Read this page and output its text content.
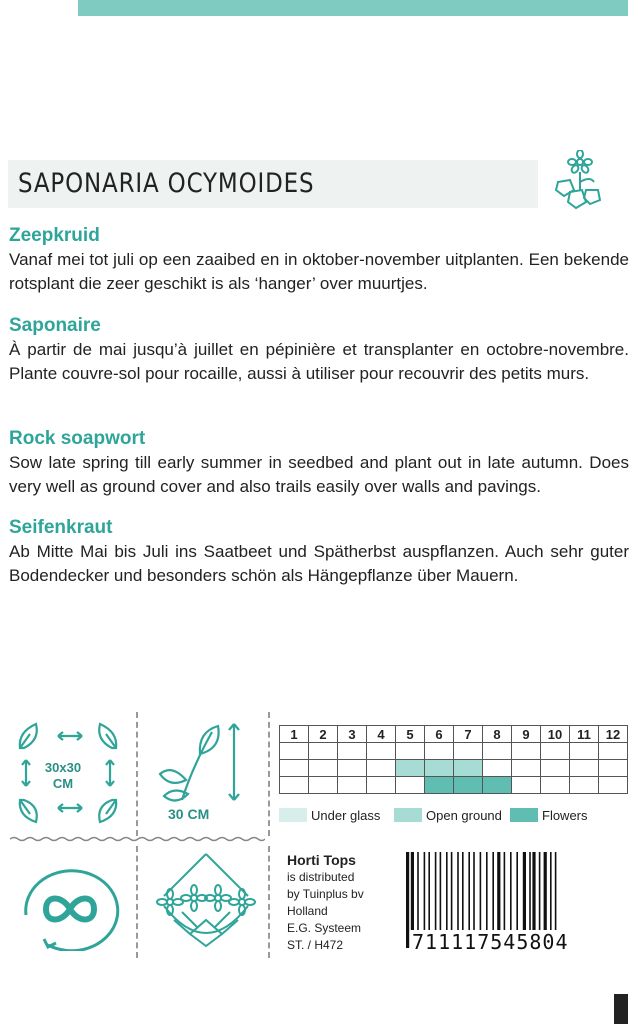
SAPONARIA OCYMOIDES
Zeepkruid
Vanaf mei tot juli op een zaaibed en in oktober-november uitplanten. Een bekende rotsplant die zeer geschikt is als ‘hanger’ over muurtjes.
Saponaire
À partir de mai jusqu’à juillet en pépinière et transplanter en octobre-novembre. Plante couvre-sol pour rocaille, aussi à utiliser pour recouvrir des petits murs.
Rock soapwort
Sow late spring till early summer in seedbed and plant out in late autumn. Does very well as ground cover and also trails easily over walls and pavings.
Seifenkraut
Ab Mitte Mai bis Juli ins Saatbeet und Spätherbst auspflanzen. Auch sehr guter Bodendecker und besonders schön als Hängepflanze über Mauern.
30x30
CM
30 CM
1	2	3	4	5	6	7	8	9	10	11	12

Under glass	Open ground	Flowers
Horti Tops
is distributed
by Tuinplus bv
Holland
E.G. Systeem
ST. / H472	711117545804
